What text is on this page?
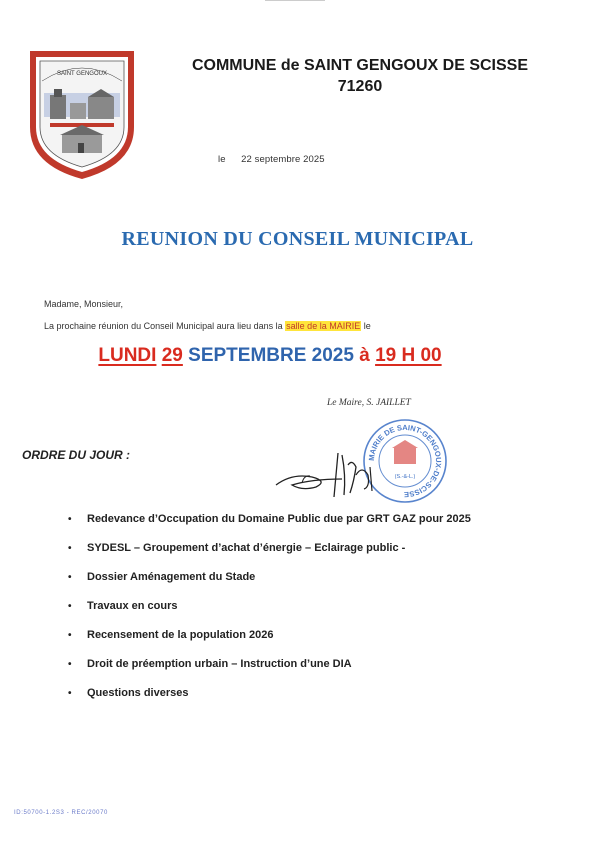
SAINT GENGOUX	COMMUNE de SAINT GENGOUX DE SCISSE
71260
le 22 septembre 2025
REUNION DU CONSEIL MUNICIPAL
Madame, Monsieur,
La prochaine réunion du Conseil Municipal aura lieu dans la salle de la MAIRIE le
LUNDI 29 SEPTEMBRE 2025 à 19 H 00
Le Maire, S. JAILLET
MAIRIE DE SAINT-GENGOUX-DE-SCISSE
(S.-&-L.)
ORDRE DU JOUR :
• Redevance d’Occupation du Domaine Public due par GRT GAZ pour 2025
• SYDESL – Groupement d’achat d’énergie – Eclairage public -
• Dossier Aménagement du Stade
• Travaux en cours
• Recensement de la population 2026
• Droit de préemption urbain – Instruction d’une DIA
• Questions diverses
ID:50700-1.2S3 - REC/20070
